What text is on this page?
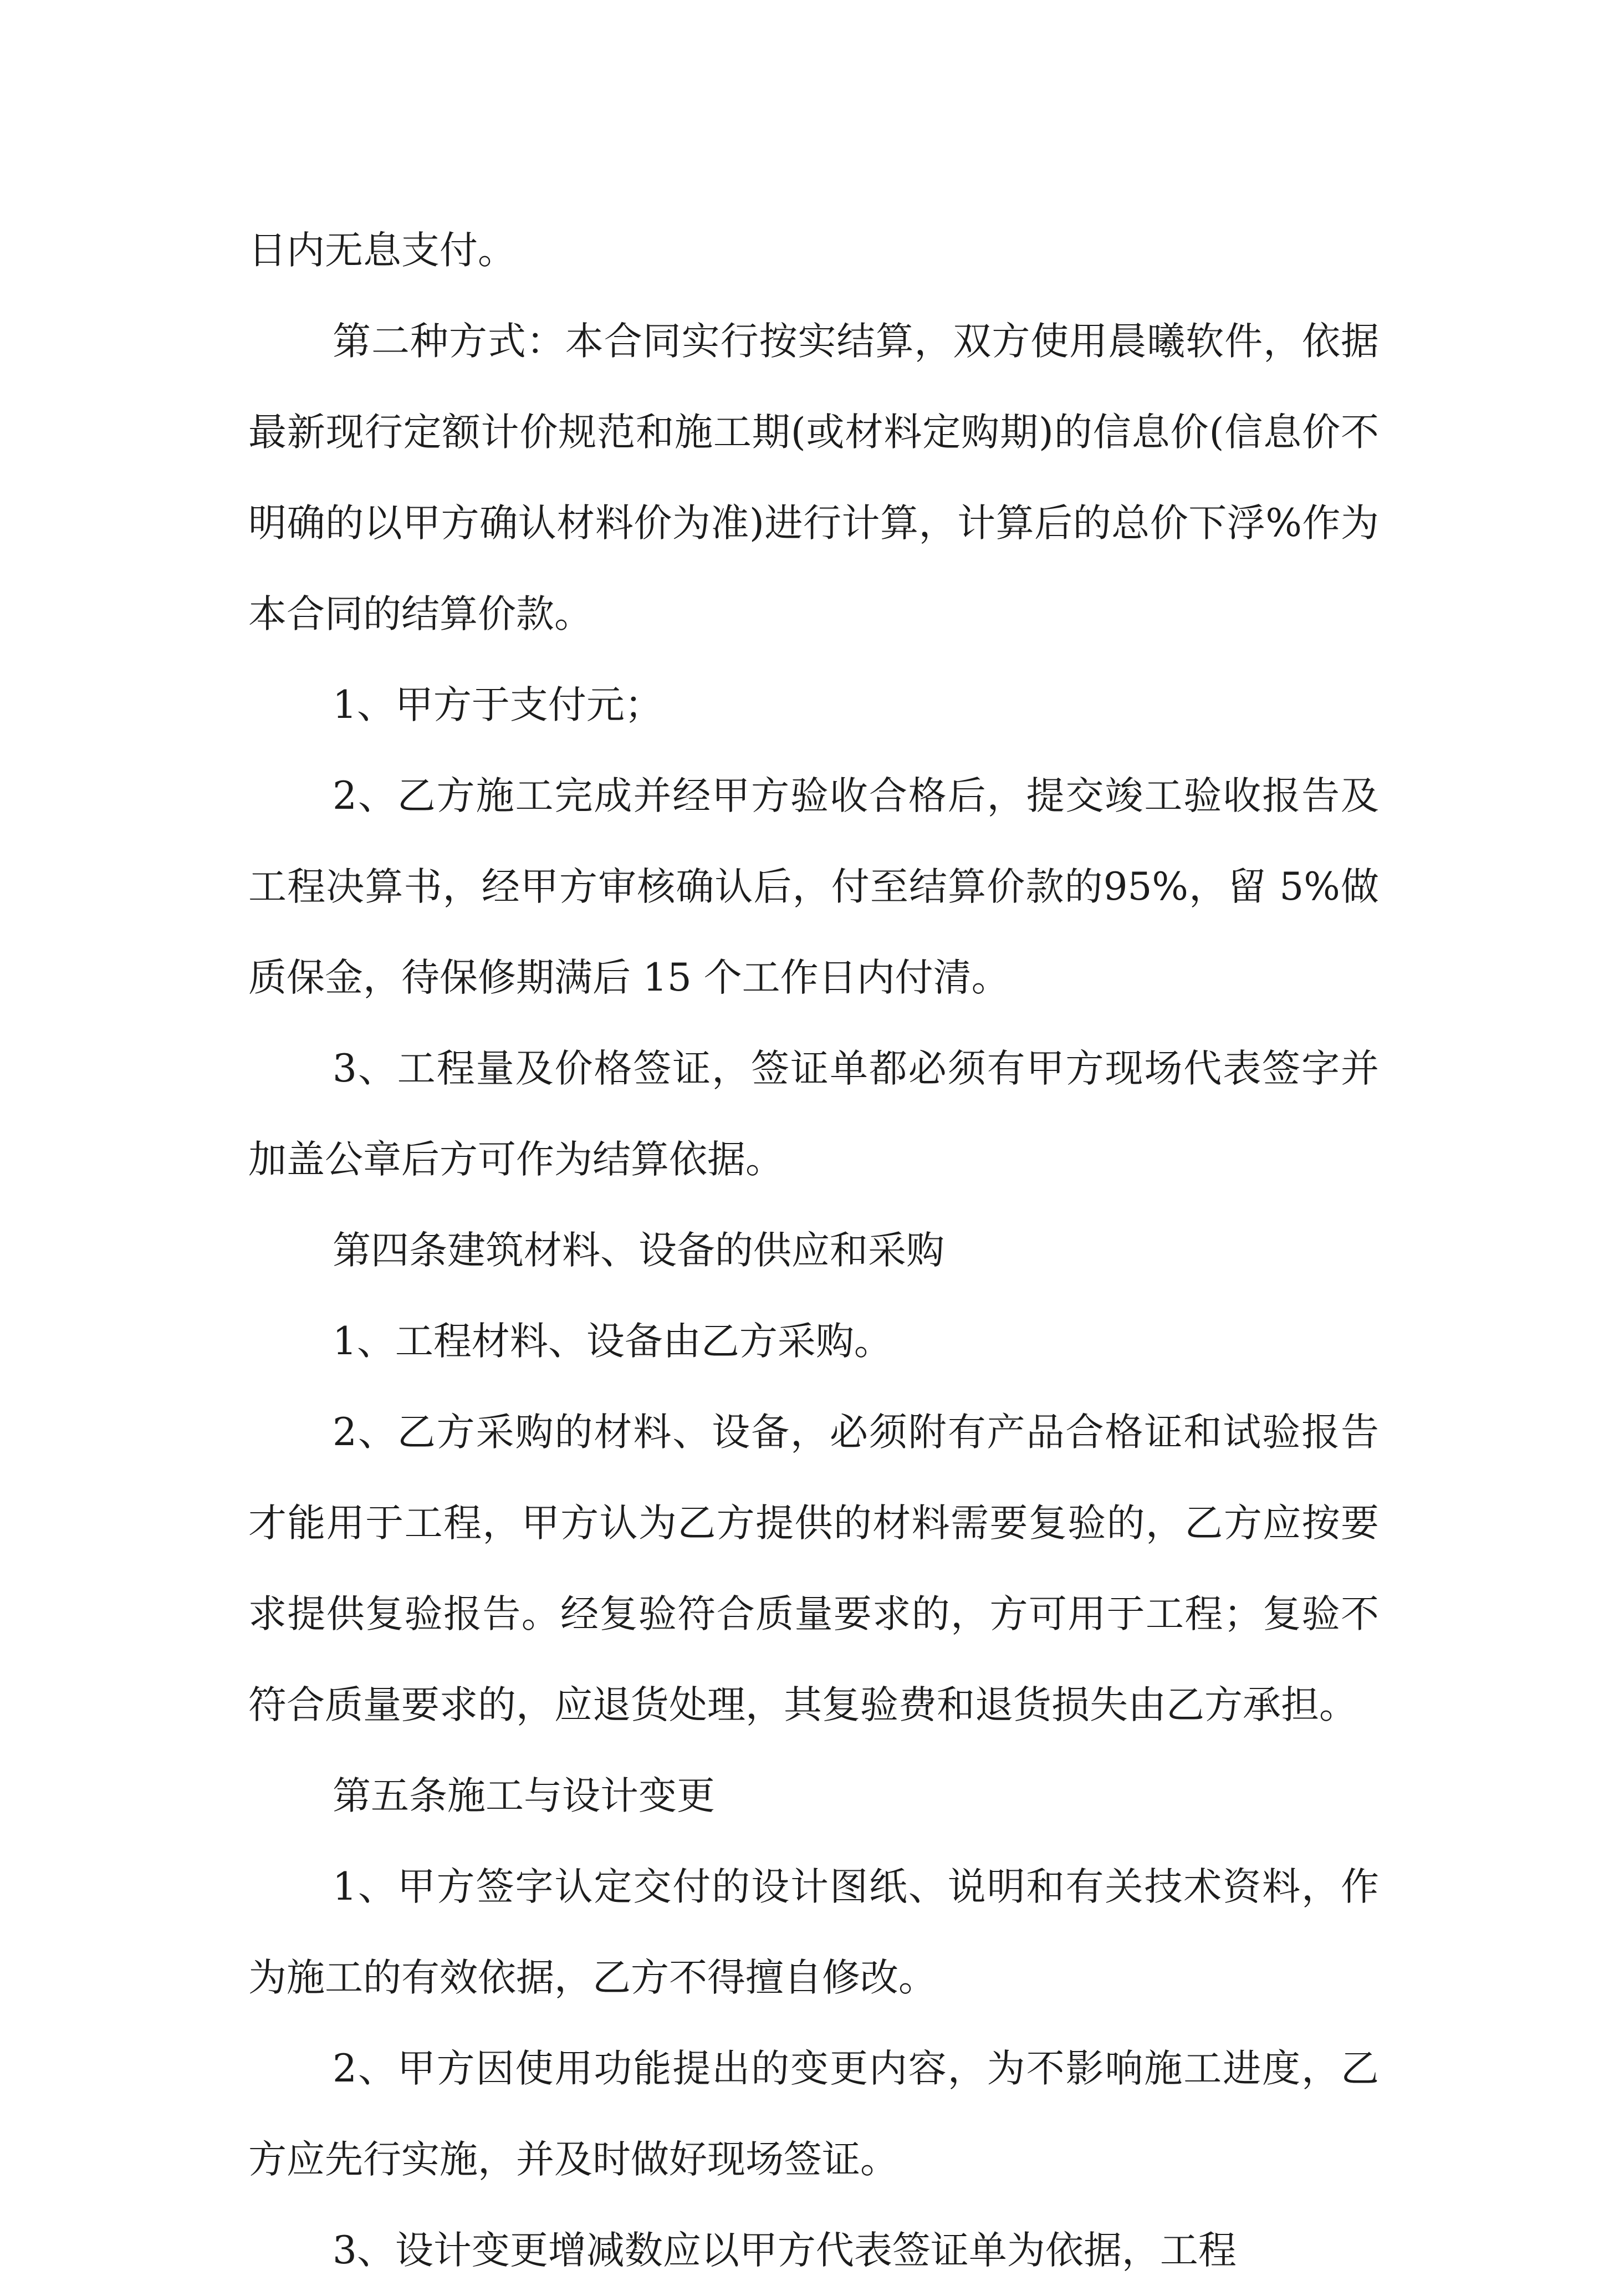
日内无息支付。

第二种方式：本合同实行按实结算，双方使用晨曦软件，依据最新现行定额计价规范和施工期(或材料定购期)的信息价(信息价不明确的以甲方确认材料价为准)进行计算，计算后的总价下浮%作为本合同的结算价款。

1、甲方于支付元；

2、乙方施工完成并经甲方验收合格后，提交竣工验收报告及工程决算书，经甲方审核确认后，付至结算价款的95%，留 5%做质保金，待保修期满后 15 个工作日内付清。

3、工程量及价格签证，签证单都必须有甲方现场代表签字并加盖公章后方可作为结算依据。

第四条建筑材料、设备的供应和采购

1、工程材料、设备由乙方采购。

2、乙方采购的材料、设备，必须附有产品合格证和试验报告才能用于工程，甲方认为乙方提供的材料需要复验的，乙方应按要求提供复验报告。经复验符合质量要求的，方可用于工程；复验不符合质量要求的，应退货处理，其复验费和退货损失由乙方承担。

第五条施工与设计变更

1、甲方签字认定交付的设计图纸、说明和有关技术资料，作为施工的有效依据，乙方不得擅自修改。

2、甲方因使用功能提出的变更内容，为不影响施工进度，乙方应先行实施，并及时做好现场签证。

3、设计变更增减数应以甲方代表签证单为依据，工程
